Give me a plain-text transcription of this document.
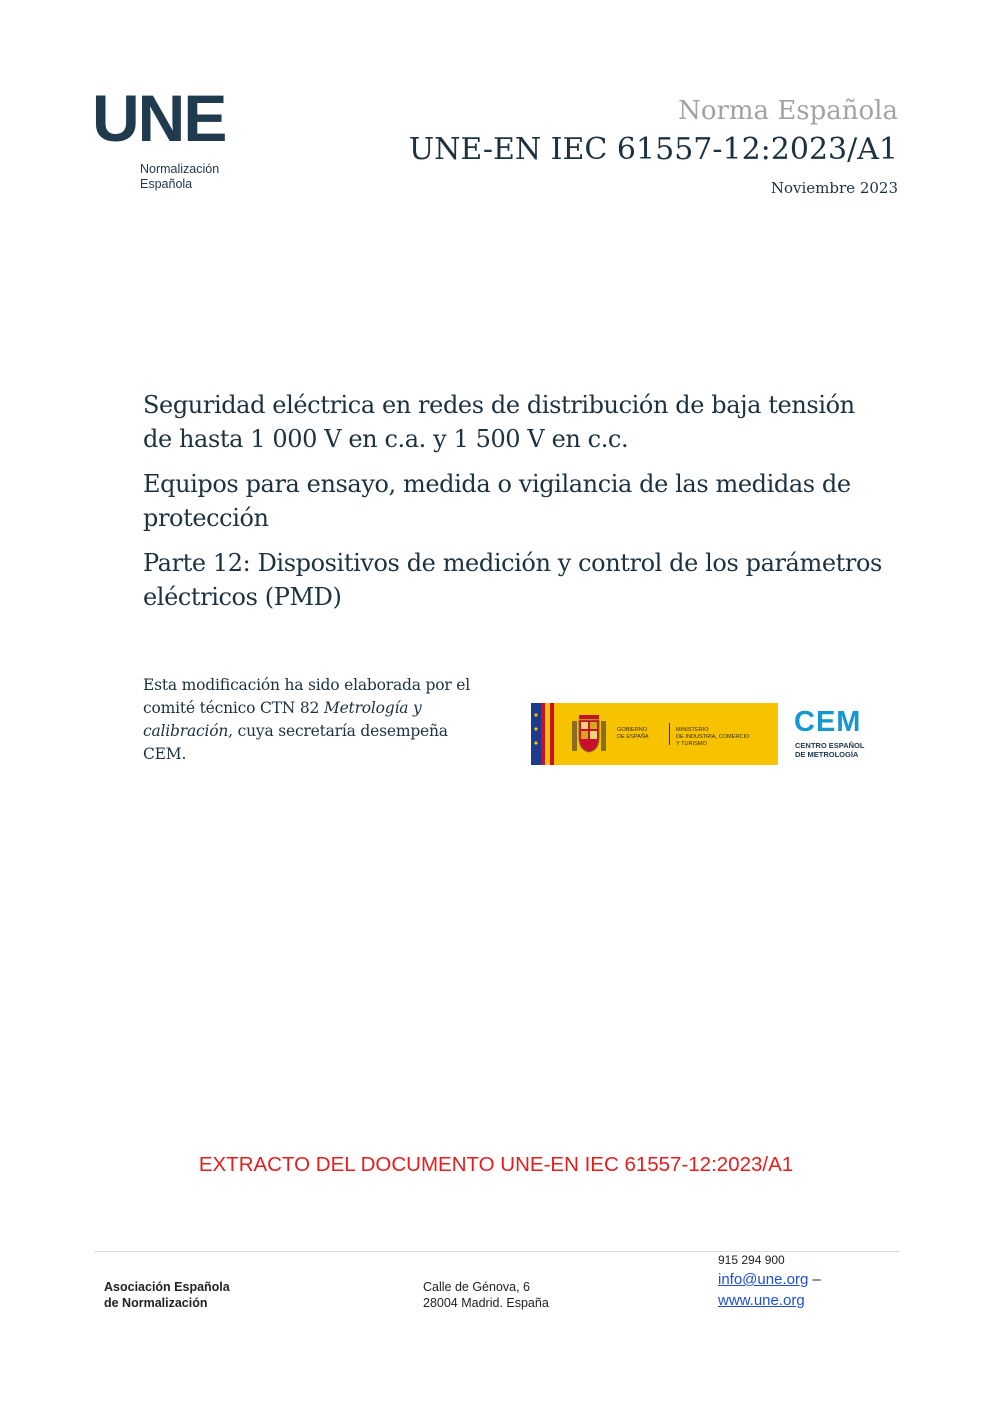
UNE
Normalización
Española
Norma Española
UNE-EN IEC 61557-12:2023/A1
Noviembre 2023

Seguridad eléctrica en redes de distribución de baja tensión de hasta 1 000 V en c.a. y 1 500 V en c.c.

Equipos para ensayo, medida o vigilancia de las medidas de protección

Parte 12: Dispositivos de medición y control de los parámetros eléctricos (PMD)

Esta modificación ha sido elaborada por el comité técnico CTN 82 Metrología y calibración, cuya secretaría desempeña CEM.
GOBIERNO
DE ESPAÑA
MINISTERIO
DE INDUSTRIA, COMERCIO
Y TURISMO
CEM
CENTRO ESPAÑOL
DE METROLOGÍA
EXTRACTO DEL DOCUMENTO UNE-EN IEC 61557-12:2023/A1
Asociación Española
de Normalización
Calle de Génova, 6
28004 Madrid. España
915 294 900
info@une.org –
www.une.org
